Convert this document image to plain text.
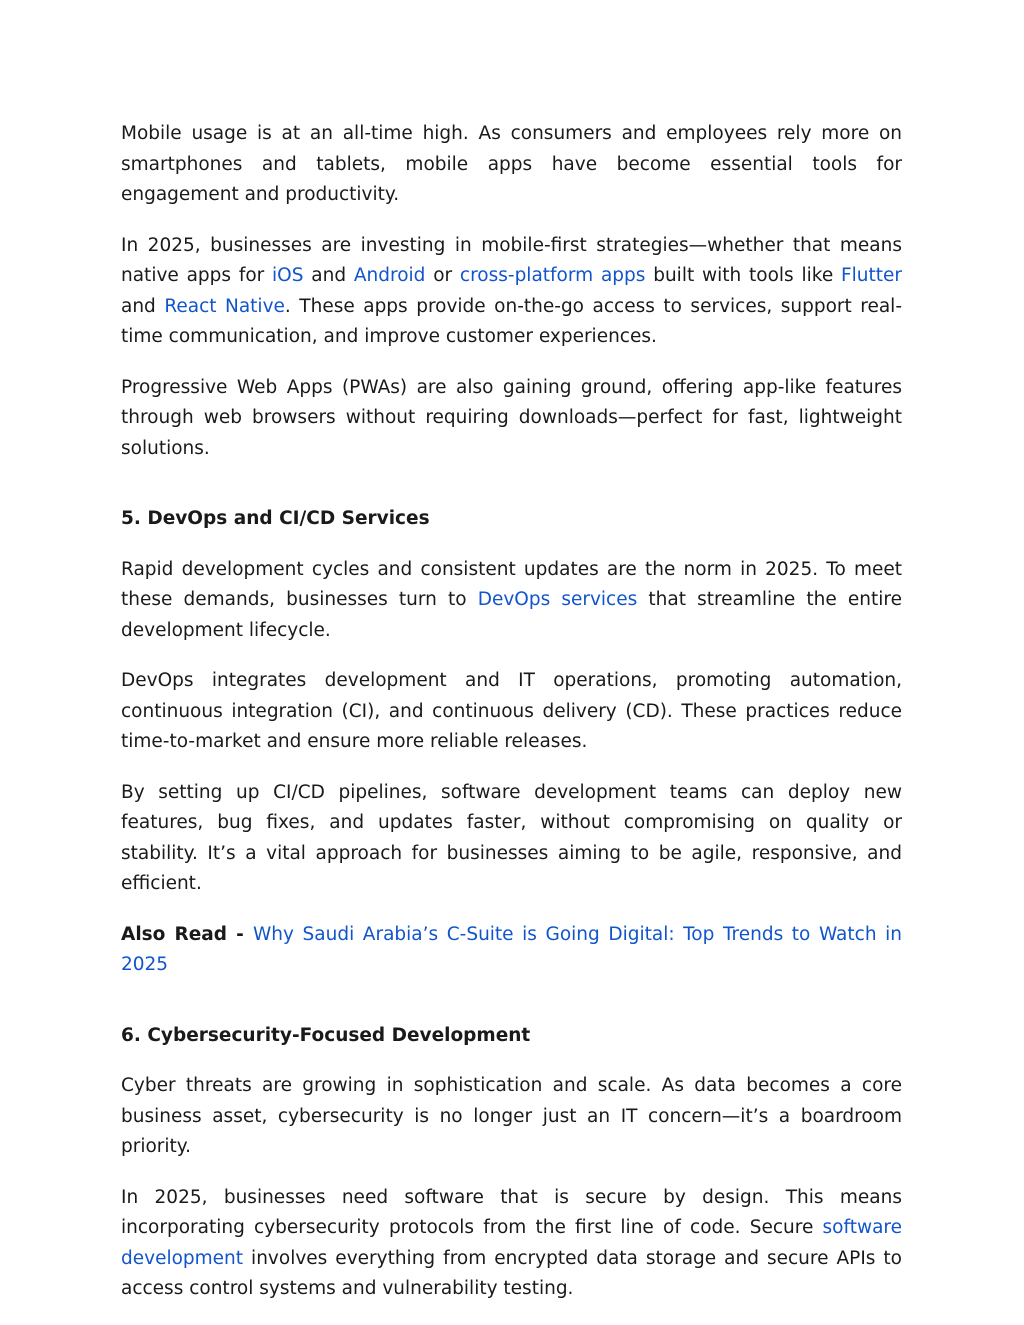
Mobile usage is at an all-time high. As consumers and employees rely more on smartphones and tablets, mobile apps have become essential tools for engagement and productivity.

In 2025, businesses are investing in mobile-first strategies—whether that means native apps for iOS and Android or cross-platform apps built with tools like Flutter and React Native. These apps provide on-the-go access to services, support real-time communication, and improve customer experiences.

Progressive Web Apps (PWAs) are also gaining ground, offering app-like features through web browsers without requiring downloads—perfect for fast, lightweight solutions.

5. DevOps and CI/CD Services

Rapid development cycles and consistent updates are the norm in 2025. To meet these demands, businesses turn to DevOps services that streamline the entire development lifecycle.

DevOps integrates development and IT operations, promoting automation, continuous integration (CI), and continuous delivery (CD). These practices reduce time-to-market and ensure more reliable releases.

By setting up CI/CD pipelines, software development teams can deploy new features, bug fixes, and updates faster, without compromising on quality or stability. It’s a vital approach for businesses aiming to be agile, responsive, and efficient.

Also Read - Why Saudi Arabia’s C-Suite is Going Digital: Top Trends to Watch in 2025

6. Cybersecurity-Focused Development

Cyber threats are growing in sophistication and scale. As data becomes a core business asset, cybersecurity is no longer just an IT concern—it’s a boardroom priority.

In 2025, businesses need software that is secure by design. This means incorporating cybersecurity protocols from the first line of code. Secure software development involves everything from encrypted data storage and secure APIs to access control systems and vulnerability testing.
